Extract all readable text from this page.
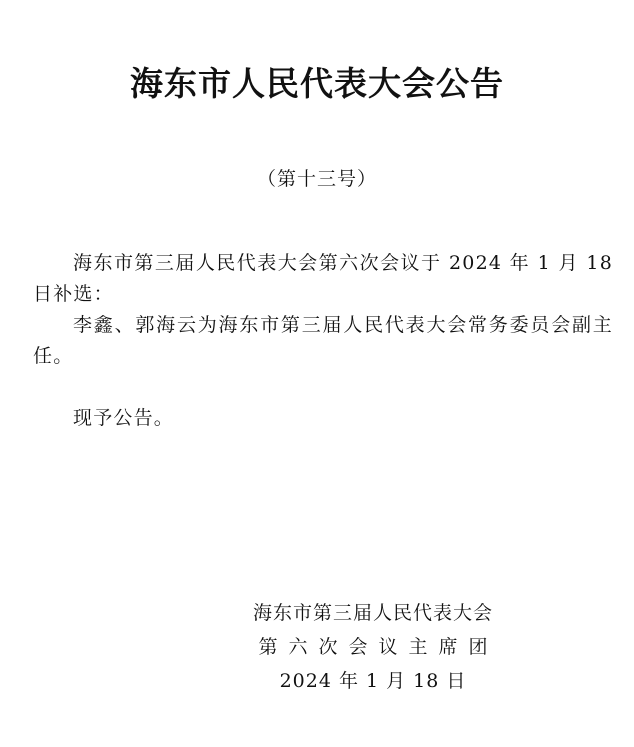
海东市人民代表大会公告
（第十三号）

海东市第三届人民代表大会第六次会议于 2024 年 1 月 18 日补选：

李鑫、郭海云为海东市第三届人民代表大会常务委员会副主任。

现予公告。

海东市第三届人民代表大会
第六次会议主席团
2024 年 1 月 18 日
